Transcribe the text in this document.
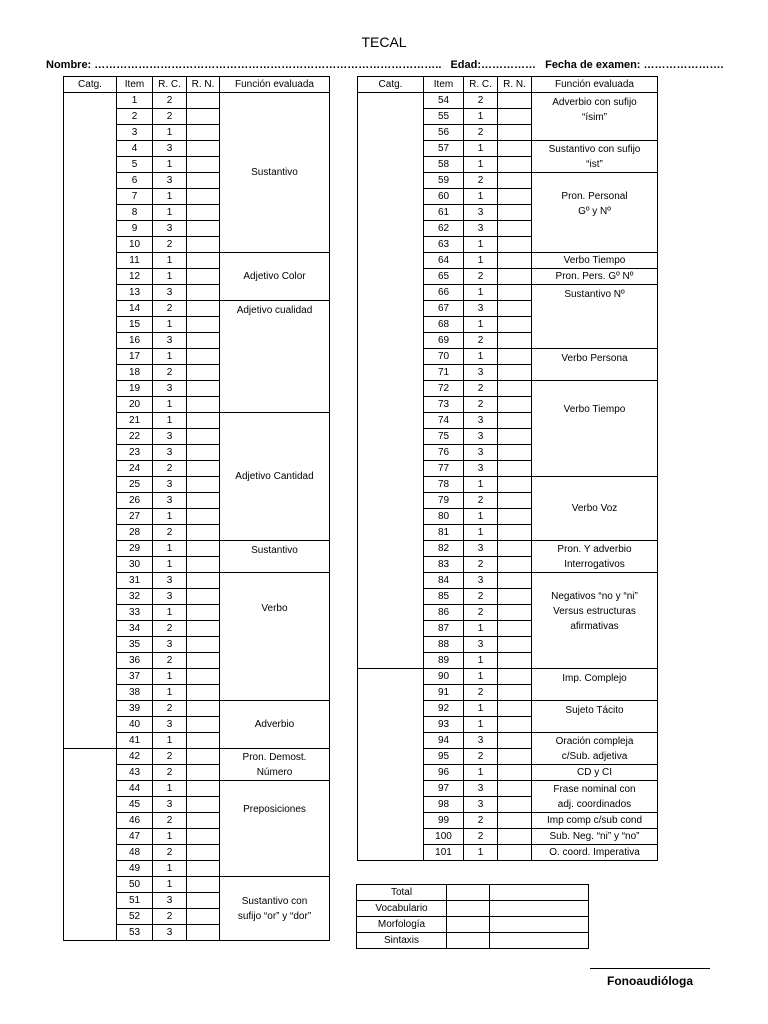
TECAL
Nombre: ………………………………………………………………………………….. Edad:…………… Fecha de examen: ………………….
Catg.	Item	R. C.	R. N.	Función evaluada
	1	2		Sustantivo

	2	2		
	3	1		
	4	3		
	5	1		
	6	3		
	7	1		
	8	1		
	9	3		
	10	2		
	11	1		Adjetivo Color

	12	1		
	13	3		
	14	2		Adjetivo cualidad

	15	1		
	16	3		
	17	1		
	18	2		
	19	3		
	20	1		
	21	1		Adjetivo Cantidad

	22	3		
	23	3		
	24	2		
	25	3		
	26	3		
	27	1		
	28	2		
	29	1		Sustantivo

	30	1		
	31	3		Verbo

	32	3		
	33	1		
	34	2		
	35	3		
	36	2		
	37	1		
	38	1		
	39	2		Adverbio

	40	3		
	41	1		
	42	2		Pron. Demost.
Número

	43	2		
	44	1		Preposiciones

	45	3		
	46	2		
	47	1		
	48	2		
	49	1		
	50	1		Sustantivo con
sufijo “or” y “dor”

	51	3		
	52	2		
	53	3		
Catg.	Item	R. C.	R. N.	Función evaluada
	54	2		Adverbio con sufijo
“ísim”

	55	1		
	56	2		
	57	1		Sustantivo con sufijo
“ist”

	58	1		
	59	2		Pron. Personal
Gº y Nº

	60	1		
	61	3		
	62	3		
	63	1		
	64	1		Verbo Tiempo

	65	2		Pron. Pers. Gº Nº

	66	1		Sustantivo Nº

	67	3		
	68	1		
	69	2		
	70	1		Verbo Persona

	71	3		
	72	2		Verbo Tiempo

	73	2		
	74	3		
	75	3		
	76	3		
	77	3		
	78	1		Verbo Voz

	79	2		
	80	1		
	81	1		
	82	3		Pron. Y adverbio
Interrogativos

	83	2		
	84	3		Negativos “no y “ni”
Versus estructuras
afirmativas

	85	2		
	86	2		
	87	1		
	88	3		
	89	1		
	90	1		Imp. Complejo

	91	2		
	92	1		Sujeto Tácito

	93	1		
	94	3		Oración compleja
c/Sub. adjetiva

	95	2		
	96	1		CD y CI

	97	3		Frase nominal con
adj. coordinados

	98	3		
	99	2		Imp comp c/sub cond

	100	2		Sub. Neg. “ni” y “no”

	101	1		O. coord. Imperativa
Total		
Vocabulario		
Morfología		
Sintaxis		
Fonoaudióloga
